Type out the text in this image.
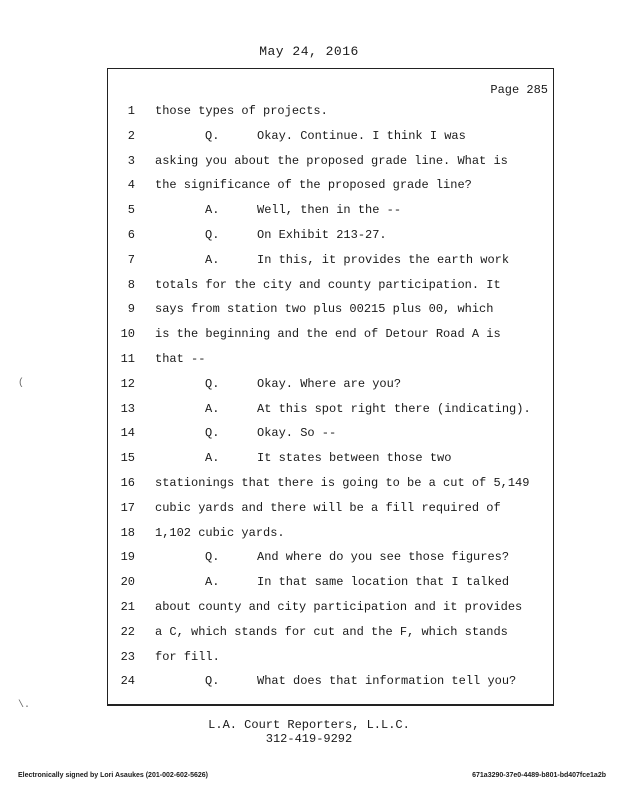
May 24, 2016
Page 285
1 those types of projects.
2	Q.	Okay. Continue. I think I was
3 asking you about the proposed grade line. What is
4 the significance of the proposed grade line?
5	A.	Well, then in the --
6	Q.	On Exhibit 213-27.
7	A.	In this, it provides the earth work
8 totals for the city and county participation. It
9 says from station two plus 00215 plus 00, which
10 is the beginning and the end of Detour Road A is
11 that --
12	Q.	Okay. Where are you?
13	A.	At this spot right there (indicating).
14	Q.	Okay. So --
15	A.	It states between those two
16 stationings that there is going to be a cut of 5,149
17 cubic yards and there will be a fill required of
18 1,102 cubic yards.
19	Q.	And where do you see those figures?
20	A.	In that same location that I talked
21 about county and city participation and it provides
22 a C, which stands for cut and the F, which stands
23 for fill.
24	Q.	What does that information tell you?
(
\.
L.A. Court Reporters, L.L.C.
312-419-9292
Electronically signed by Lori Asaukes (201-002-602-5626)	671a3290-37e0-4489-b801-bd407fce1a2b
